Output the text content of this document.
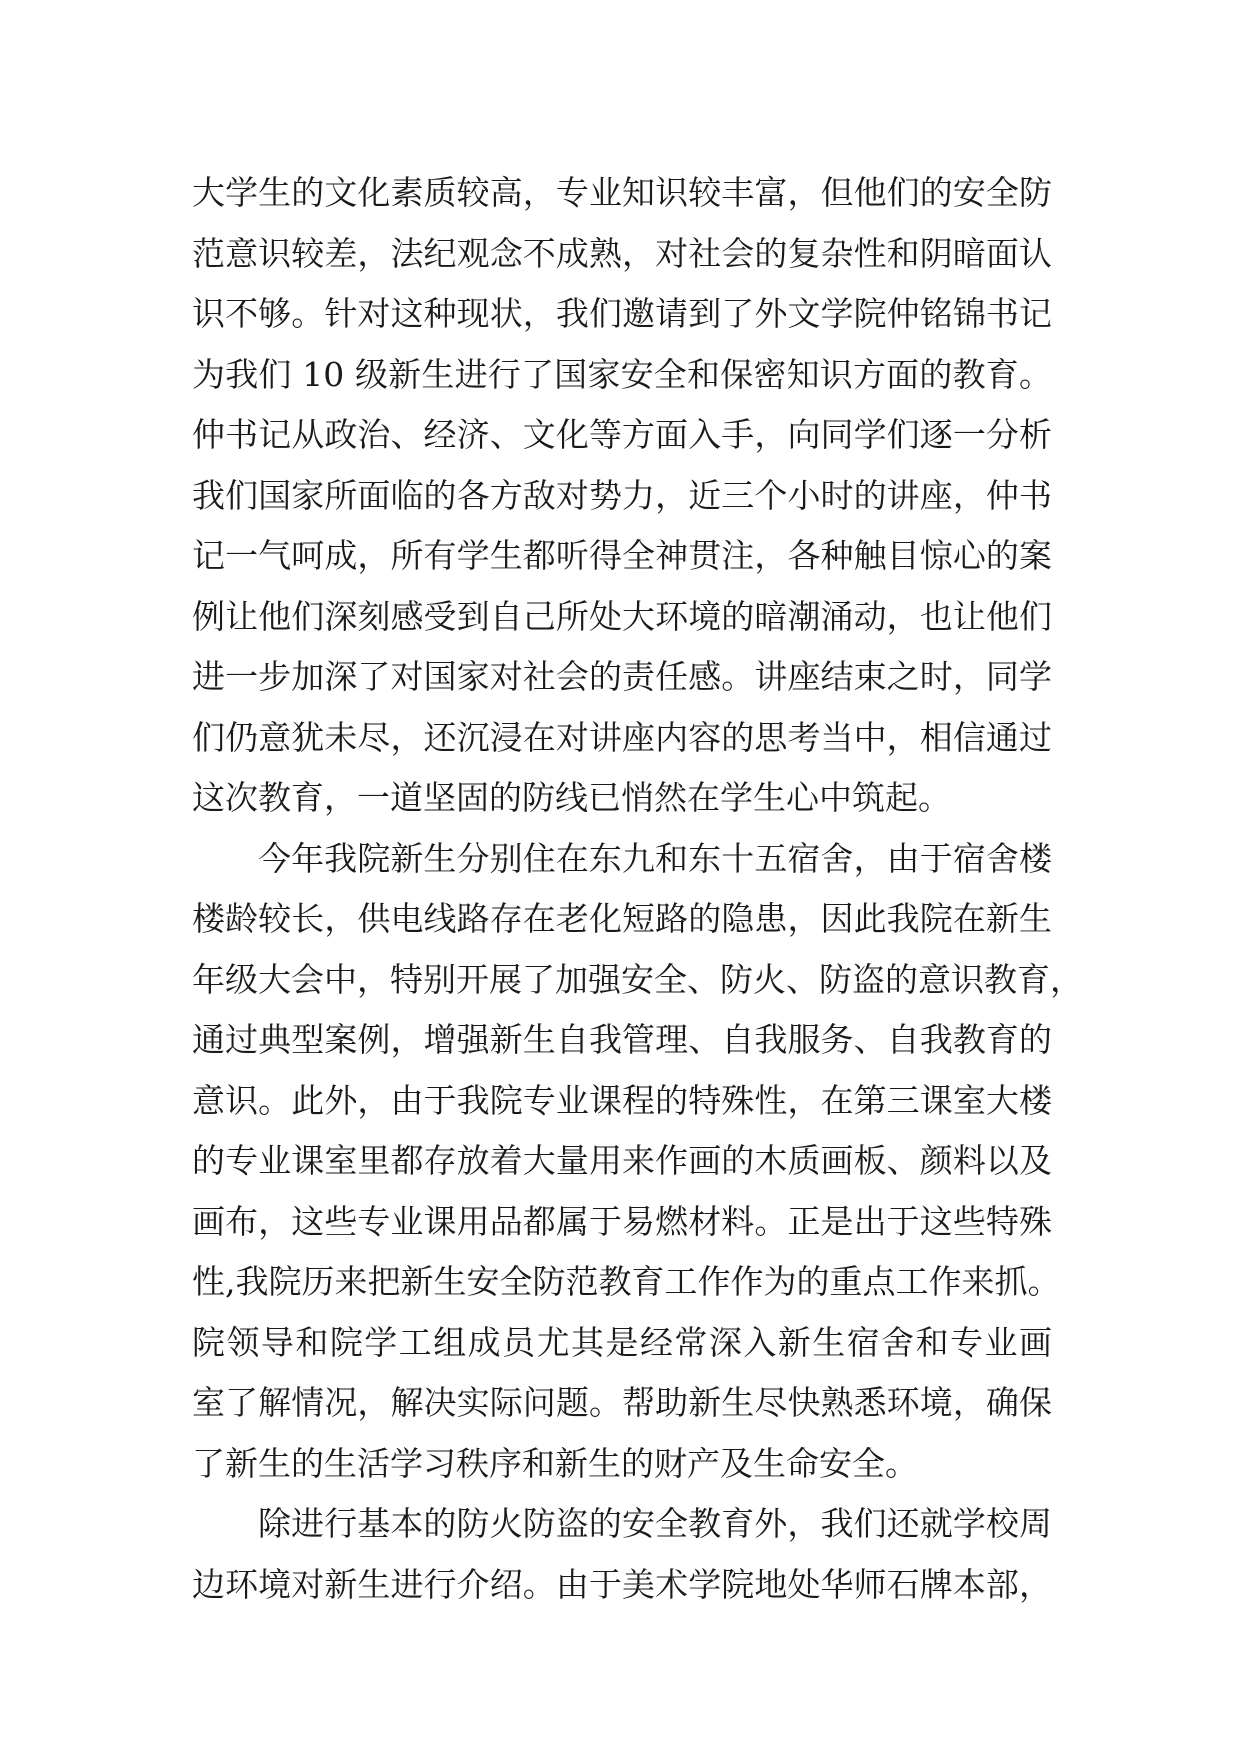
大学生的文化素质较高，专业知识较丰富，但他们的安全防
范意识较差，法纪观念不成熟，对社会的复杂性和阴暗面认
识不够。针对这种现状，我们邀请到了外文学院仲铭锦书记
为我们 10 级新生进行了国家安全和保密知识方面的教育。
仲书记从政治、经济、文化等方面入手，向同学们逐一分析
我们国家所面临的各方敌对势力，近三个小时的讲座，仲书
记一气呵成，所有学生都听得全神贯注，各种触目惊心的案
例让他们深刻感受到自己所处大环境的暗潮涌动，也让他们
进一步加深了对国家对社会的责任感。讲座结束之时，同学
们仍意犹未尽，还沉浸在对讲座内容的思考当中，相信通过
这次教育，一道坚固的防线已悄然在学生心中筑起。
今年我院新生分别住在东九和东十五宿舍，由于宿舍楼
楼龄较长，供电线路存在老化短路的隐患，因此我院在新生
年级大会中，特别开展了加强安全、防火、防盗的意识教育，
通过典型案例，增强新生自我管理、自我服务、自我教育的
意识。此外，由于我院专业课程的特殊性，在第三课室大楼
的专业课室里都存放着大量用来作画的木质画板、颜料以及
画布，这些专业课用品都属于易燃材料。正是出于这些特殊
性,我院历来把新生安全防范教育工作作为的重点工作来抓。
院领导和院学工组成员尤其是经常深入新生宿舍和专业画
室了解情况，解决实际问题。帮助新生尽快熟悉环境，确保
了新生的生活学习秩序和新生的财产及生命安全。
除进行基本的防火防盗的安全教育外，我们还就学校周
边环境对新生进行介绍。由于美术学院地处华师石牌本部，
